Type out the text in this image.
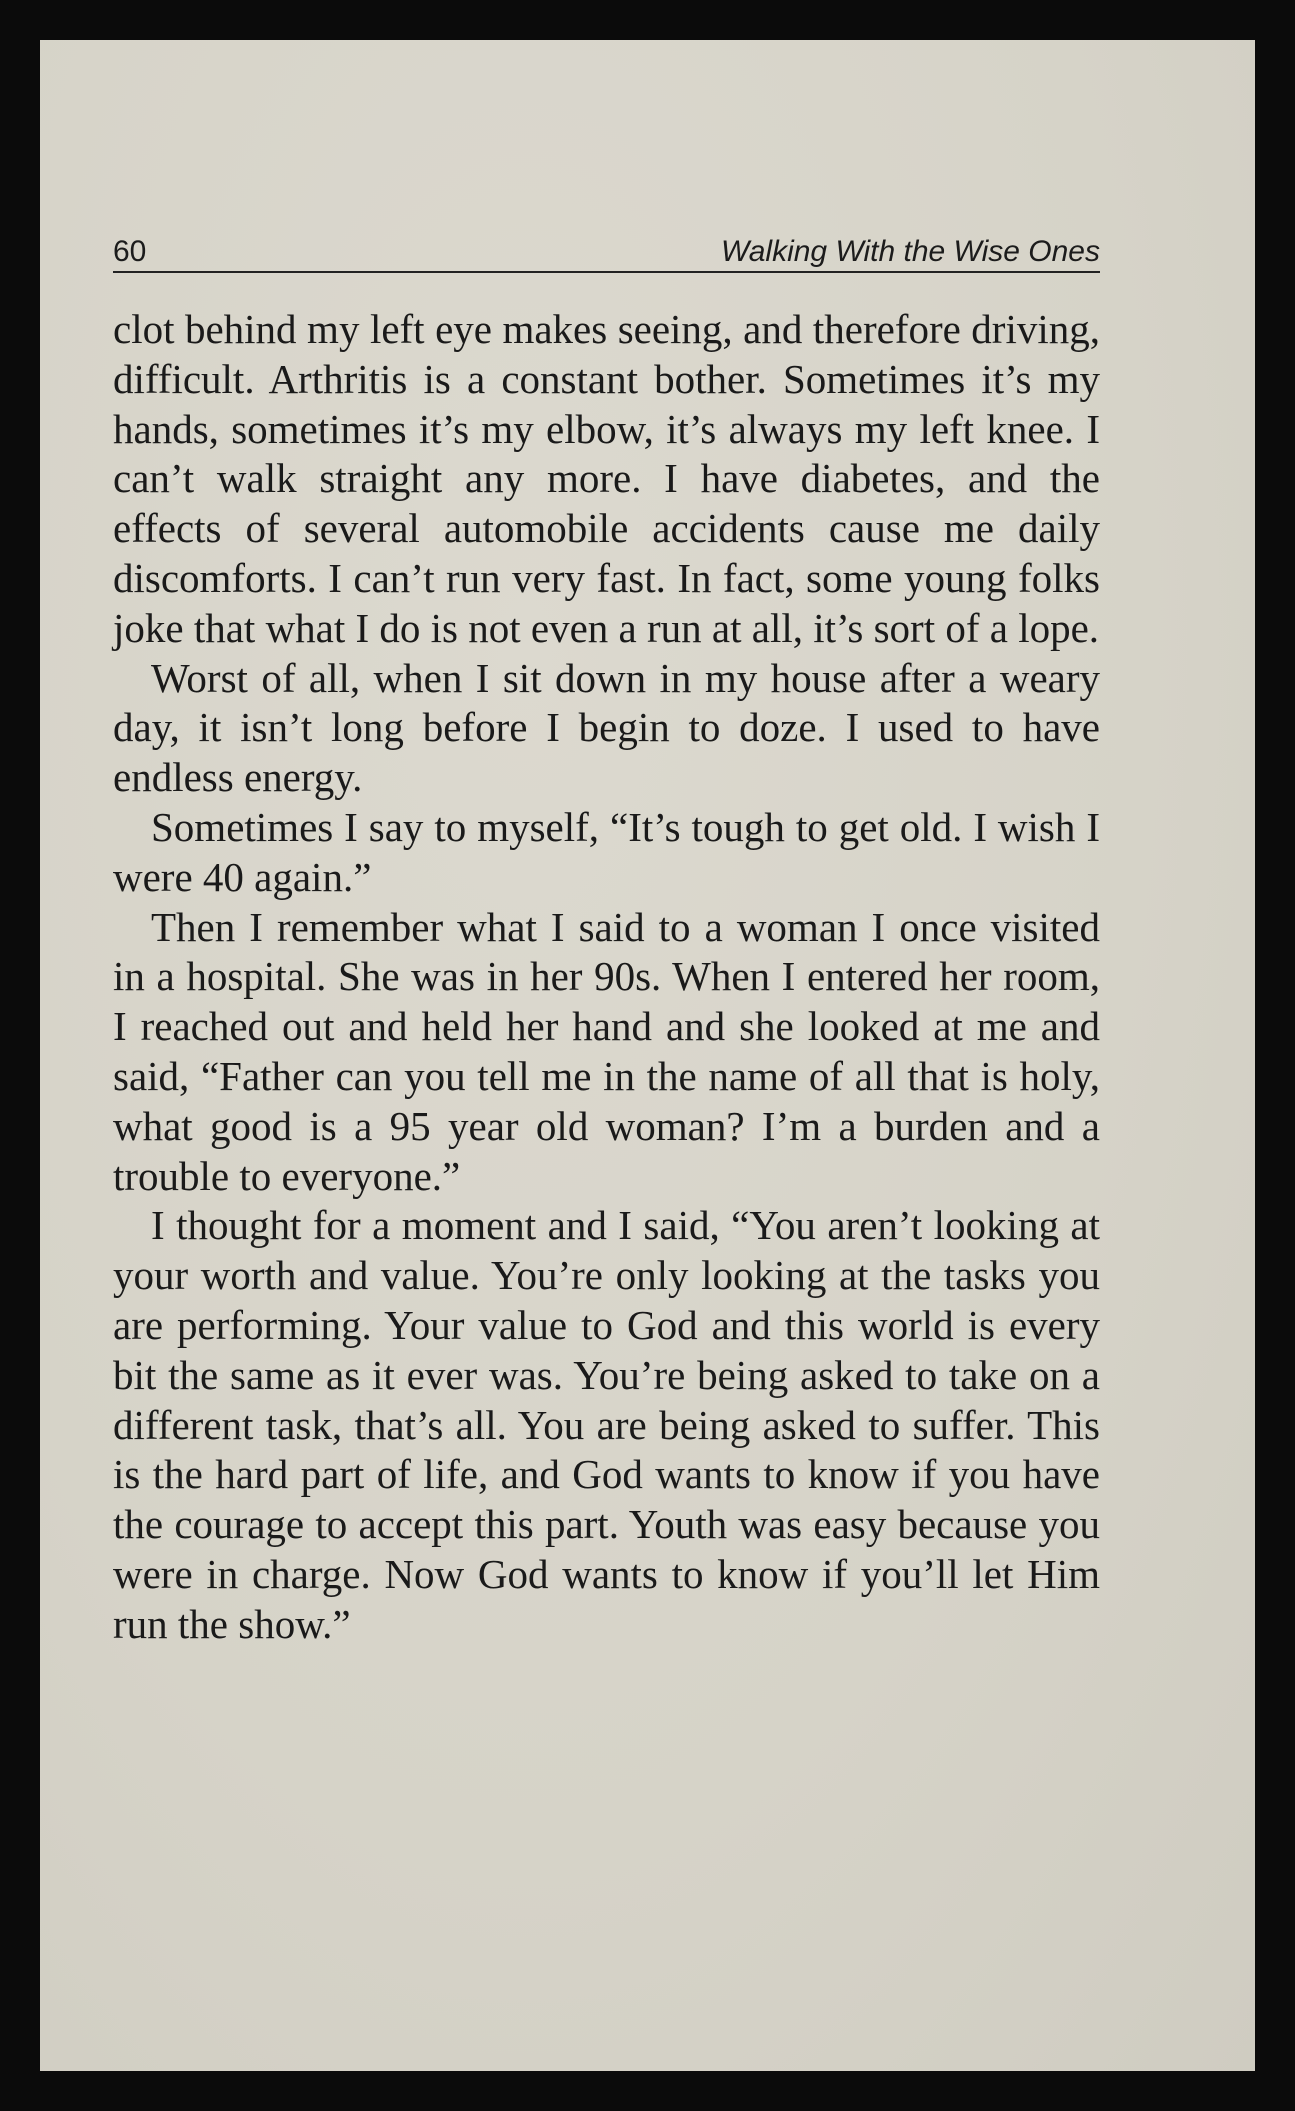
60	Walking With the Wise Ones

clot behind my left eye makes seeing, and therefore driving, difficult. Arthritis is a constant bother. Sometimes it’s my hands, sometimes it’s my elbow, it’s always my left knee. I can’t walk straight any more. I have diabetes, and the effects of several automobile accidents cause me daily discomforts. I can’t run very fast. In fact, some young folks joke that what I do is not even a run at all, it’s sort of a lope.

Worst of all, when I sit down in my house after a weary day, it isn’t long before I begin to doze. I used to have endless energy.

Sometimes I say to myself, “It’s tough to get old. I wish I were 40 again.”

Then I remember what I said to a woman I once visited in a hospital. She was in her 90s. When I entered her room, I reached out and held her hand and she looked at me and said, “Father can you tell me in the name of all that is holy, what good is a 95 year old woman? I’m a burden and a trouble to everyone.”

I thought for a moment and I said, “You aren’t looking at your worth and value. You’re only looking at the tasks you are performing. Your value to God and this world is every bit the same as it ever was. You’re being asked to take on a different task, that’s all. You are being asked to suffer. This is the hard part of life, and God wants to know if you have the courage to accept this part. Youth was easy because you were in charge. Now God wants to know if you’ll let Him run the show.”
